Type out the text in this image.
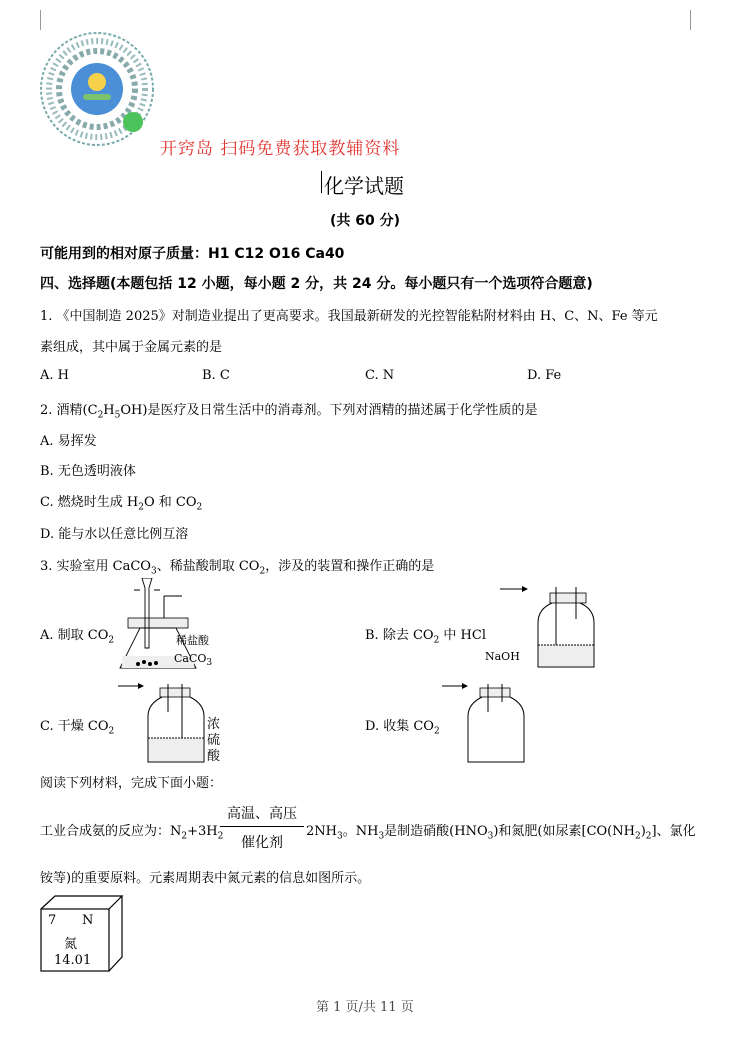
开窍岛 扫码免费获取教辅资料
化学试题
(共 60 分)
可能用到的相对原子质量：H1 C12 O16 Ca40
四、选择题(本题包括 12 小题，每小题 2 分，共 24 分。每小题只有一个选项符合题意)
1. 《中国制造 2025》对制造业提出了更高要求。我国最新研发的光控智能粘附材料由 H、C、N、Fe 等元
素组成，其中属于金属元素的是
A. H	B. C	C. N	D. Fe
2. 酒精$(C_2H_5OH)$是医疗及日常生活中的消毒剂。下列对酒精的描述属于化学性质的是
A. 易挥发
B. 无色透明液体
C. 燃烧时生成 $H_2O$ 和 $CO_2$
D. 能与水以任意比例互溶
3. 实验室用 CaCO$_3$、稀盐酸制取 $CO_2$，涉及的装置和操作正确的是
A. 制取 $CO_2$	B. 除去 $CO_2$ 中 HCl
C. 干燥 $CO_2$	D. 收集 $CO_2$
稀盐酸
CaCO$_3$
NaOH
浓
硫
酸
阅读下列材料，完成下面小题：
工业合成氨的反应为：$N_2+3H_2$
高温、高压
催化剂
$2NH_3$。$NH_3$是制造硝酸$(HNO_3)$和氮肥(如尿素$[CO(NH_2)_2]$、氯化
铵等)的重要原料。元素周期表中氮元素的信息如图所示。
7 N
氮
14.01
第 1 页/共 11 页
